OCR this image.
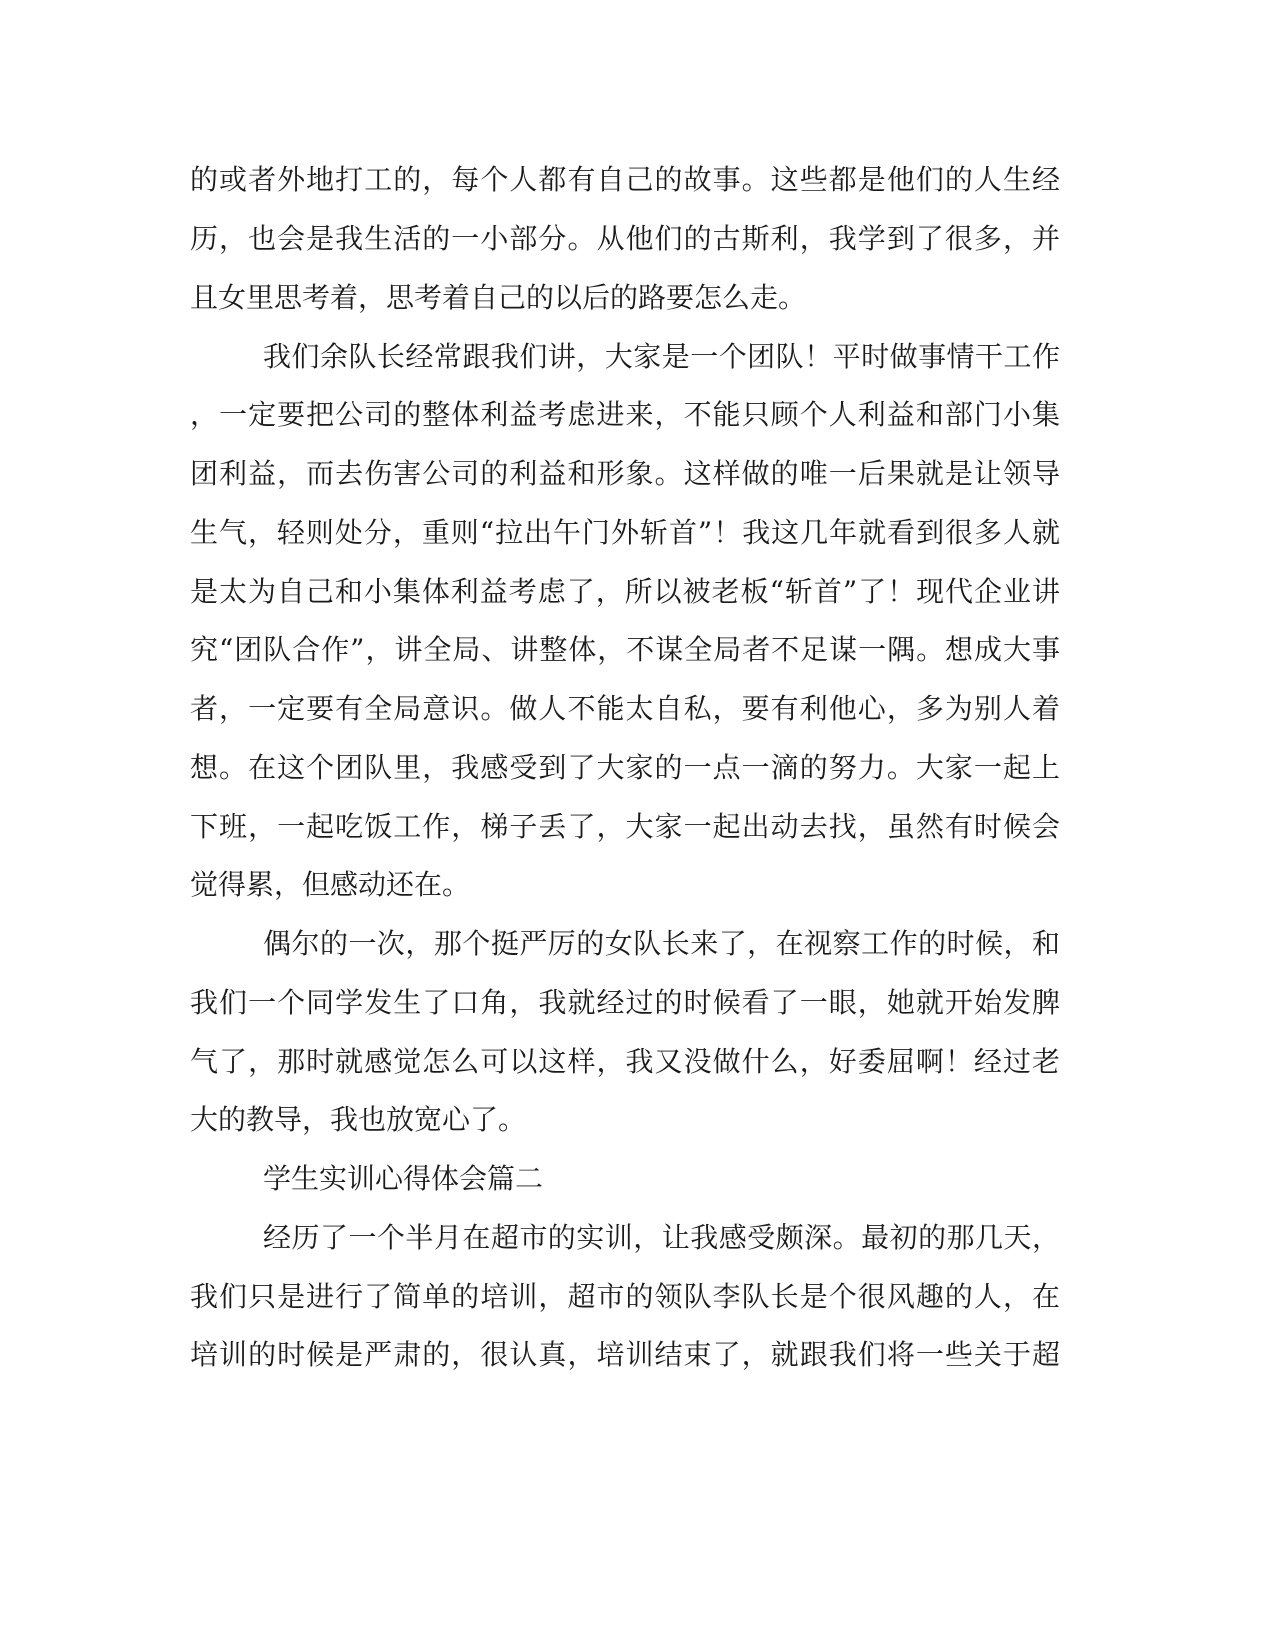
的或者外地打工的，每个人都有自己的故事。这些都是他们的人生经
历，也会是我生活的一小部分。从他们的古斯利，我学到了很多，并
且女里思考着，思考着自己的以后的路要怎么走。
我们余队长经常跟我们讲，大家是一个团队！平时做事情干工作
，一定要把公司的整体利益考虑进来，不能只顾个人利益和部门小集
团利益，而去伤害公司的利益和形象。这样做的唯一后果就是让领导
生气，轻则处分，重则“拉出午门外斩首”！我这几年就看到很多人就
是太为自己和小集体利益考虑了，所以被老板“斩首”了！现代企业讲
究“团队合作”，讲全局、讲整体，不谋全局者不足谋一隅。想成大事
者，一定要有全局意识。做人不能太自私，要有利他心，多为别人着
想。在这个团队里，我感受到了大家的一点一滴的努力。大家一起上
下班，一起吃饭工作，梯子丢了，大家一起出动去找，虽然有时候会
觉得累，但感动还在。
偶尔的一次，那个挺严厉的女队长来了，在视察工作的时候，和
我们一个同学发生了口角，我就经过的时候看了一眼，她就开始发脾
气了，那时就感觉怎么可以这样，我又没做什么，好委屈啊！经过老
大的教导，我也放宽心了。
学生实训心得体会篇二
经历了一个半月在超市的实训，让我感受颇深。最初的那几天，
我们只是进行了简单的培训，超市的领队李队长是个很风趣的人，在
培训的时候是严肃的，很认真，培训结束了，就跟我们将一些关于超
